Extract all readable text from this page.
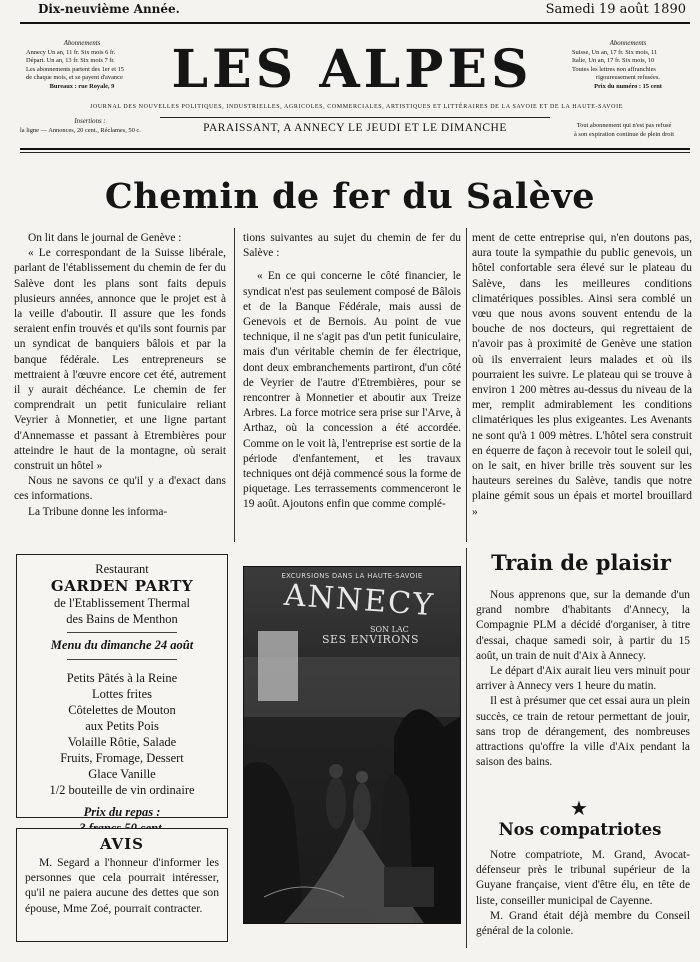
Dix-neuvième Année.	Samedi 19 août 1890
Abonnements
Annecy Un an, 11 fr. Six mois 6 fr.
Départ. Un an, 13 fr. Six mois 7 fr.
Les abonnements partent des 1er et 15
de chaque mois, et se payent d'avance
Bureaux : rue Royale, 9
Insertions :
la ligne — Annonces, 20 cent., Réclames, 50 c.
Abonnements
Suisse, Un an, 17 fr. Six mois, 11
Italie, Un an, 17 fr. Six mois, 10
Toutes les lettres non affranchies
rigoureusement refusées.
Prix du numéro : 15 cent
Tout abonnement qui n'est pas refusé
à son expiration continue de plein droit
LES ALPES
JOURNAL DES NOUVELLES POLITIQUES, INDUSTRIELLES, AGRICOLES, COMMERCIALES, ARTISTIQUES ET LITTÉRAIRES DE LA SAVOIE ET DE LA HAUTE-SAVOIE
PARAISSANT, A ANNECY LE JEUDI ET LE DIMANCHE
Chemin de fer du Salève

On lit dans le journal de Genève :

« Le correspondant de la Suisse libérale, parlant de l'établissement du chemin de fer du Salève dont les plans sont faits depuis plusieurs années, annonce que le projet est à la veille d'aboutir. Il assure que les fonds seraient enfin trouvés et qu'ils sont fournis par un syndicat de banquiers bâlois et par la banque fédérale. Les entrepreneurs se mettraient à l'œuvre encore cet été, autrement il y aurait déchéance. Le chemin de fer comprendrait un petit funiculaire reliant Veyrier à Monnetier, et une ligne partant d'Annemasse et passant à Etrembières pour atteindre le haut de la montagne, où serait construit un hôtel »

Nous ne savons ce qu'il y a d'exact dans ces informations.

La Tribune donne les informa-

tions suivantes au sujet du chemin de fer du Salève :

« En ce qui concerne le côté financier, le syndicat n'est pas seulement composé de Bâlois et de la Banque Fédérale, mais aussi de Genevois et de Bernois. Au point de vue technique, il ne s'agit pas d'un petit funiculaire, mais d'un véritable chemin de fer électrique, dont deux embranchements partiront, d'un côté de Veyrier de l'autre d'Etrembières, pour se rencontrer à Monnetier et aboutir aux Treize Arbres. La force motrice sera prise sur l'Arve, à Arthaz, où la concession a été accordée. Comme on le voit là, l'entreprise est sortie de la période d'enfantement, et les travaux techniques ont déjà commencé sous la forme de piquetage. Les terrassements commenceront le 19 août. Ajoutons enfin que comme complé-

ment de cette entreprise qui, n'en doutons pas, aura toute la sympathie du public genevois, un hôtel confortable sera élevé sur le plateau du Salève, dans les meilleures conditions climatériques possibles. Ainsi sera comblé un vœu que nous avons souvent entendu de la bouche de nos docteurs, qui regrettaient de n'avoir pas à proximité de Genève une station où ils enverraient leurs malades et où ils pourraient les suivre. Le plateau qui se trouve à environ 1 200 mètres au-dessus du niveau de la mer, remplit admirablement les conditions climatériques les plus exigeantes. Les Avenants ne sont qu'à 1 009 mètres. L'hôtel sera construit en équerre de façon à recevoir tout le soleil qui, on le sait, en hiver brille très souvent sur les hauteurs sereines du Salève, tandis que notre plaine gémit sous un épais et mortel brouillard »

Restaurant
GARDEN PARTY
de l'Etablissement Thermal
des Bains de Menthon
Menu du dimanche 24 août
Petits Pâtés à la Reine
Lottes frites
Côtelettes de Mouton
aux Petits Pois
Volaille Rôtie, Salade
Fruits, Fromage, Dessert
Glace Vanille
1/2 bouteille de vin ordinaire
Prix du repas :
AVIS
M. Segard a l'honneur d'informer les personnes que cela pourrait intéresser, qu'il ne paiera aucune des dettes que son épouse, Mme Zoé, pourrait contracter.
EXCURSIONS DANS LA HAUTE-SAVOIE
ANNECY
SON LAC
SES ENVIRONS
Train de plaisir

Nous apprenons que, sur la demande d'un grand nombre d'habitants d'Annecy, la Compagnie PLM a décidé d'organiser, à titre d'essai, chaque samedi soir, à partir du 15 août, un train de nuit d'Aix à Annecy.

Le départ d'Aix aurait lieu vers minuit pour arriver à Annecy vers 1 heure du matin.

Il est à présumer que cet essai aura un plein succès, ce train de retour permettant de jouir, sans trop de dérangement, des nombreuses attractions qu'offre la ville d'Aix pendant la saison des bains.

★
Nos compatriotes

Notre compatriote, M. Grand, Avocat-défenseur près le tribunal supérieur de la Guyane française, vient d'être élu, en tête de liste, conseiller municipal de Cayenne.

M. Grand était déjà membre du Conseil général de la colonie.
